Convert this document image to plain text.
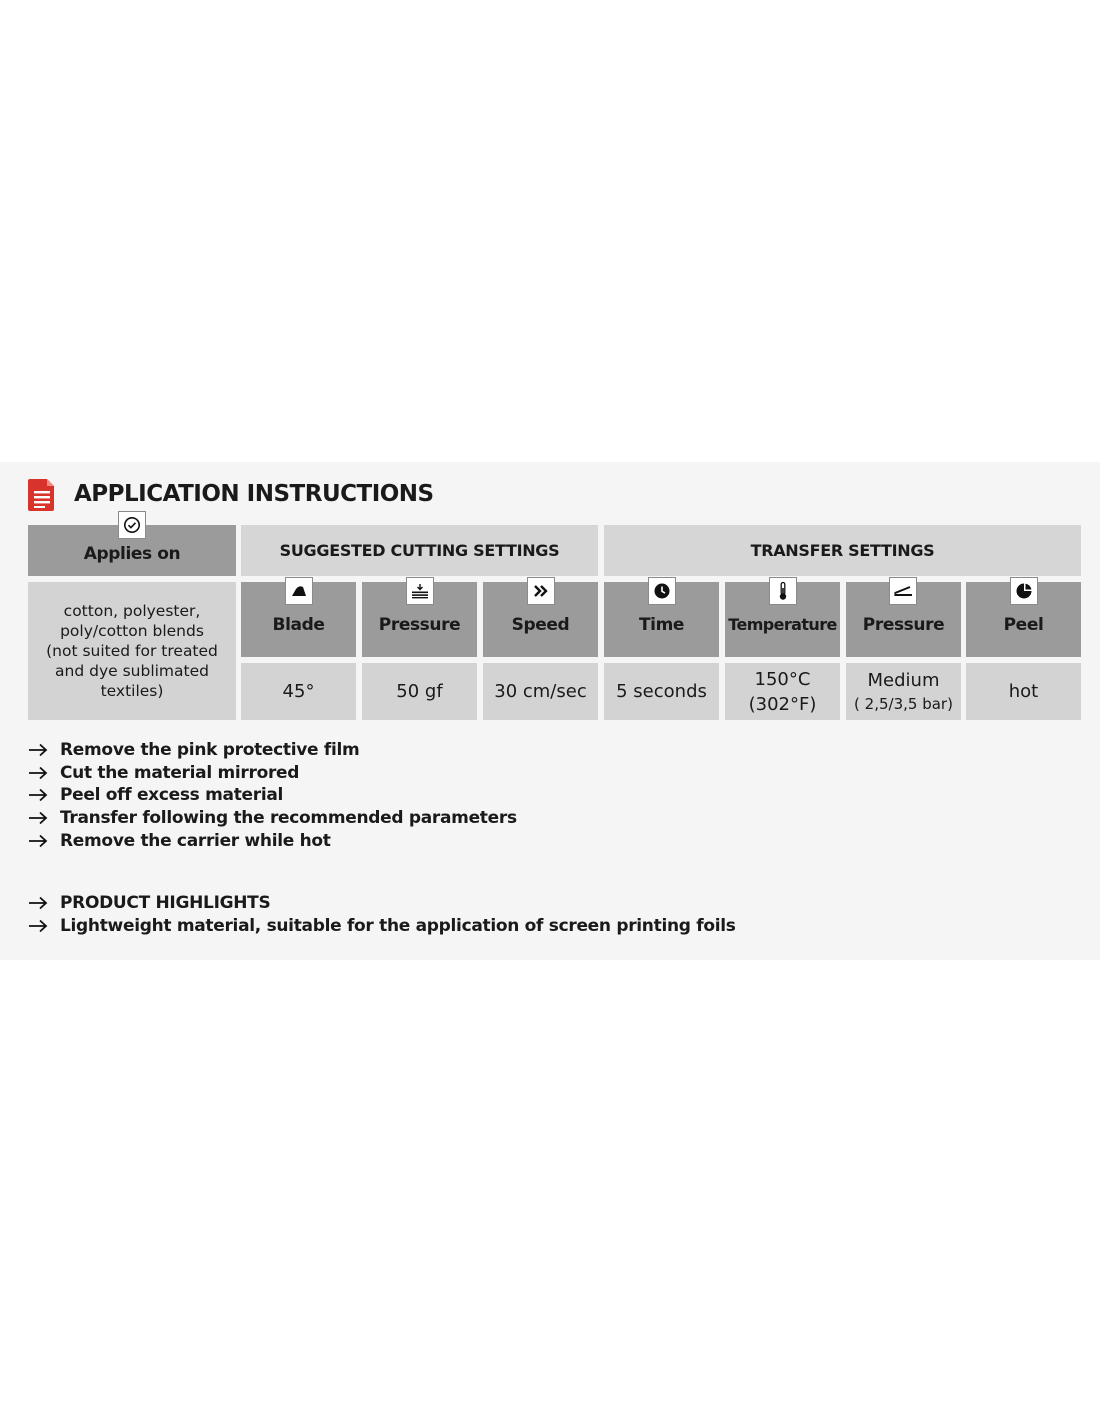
APPLICATION INSTRUCTIONS
Applies on
cotton, polyester, poly/cotton blends (not suited for treated and dye sublimated textiles)
SUGGESTED CUTTING SETTINGS	TRANSFER SETTINGS
Blade
45°
Pressure
50 gf
Speed
30 cm/sec
Time
5 seconds
Temperature
150°C
(302°F)
Pressure
Medium
( 2,5/3,5 bar)
Peel
hot
Remove the pink protective film
Cut the material mirrored
Peel off excess material
Transfer following the recommended parameters
Remove the carrier while hot
PRODUCT HIGHLIGHTS
Lightweight material, suitable for the application of screen printing foils
